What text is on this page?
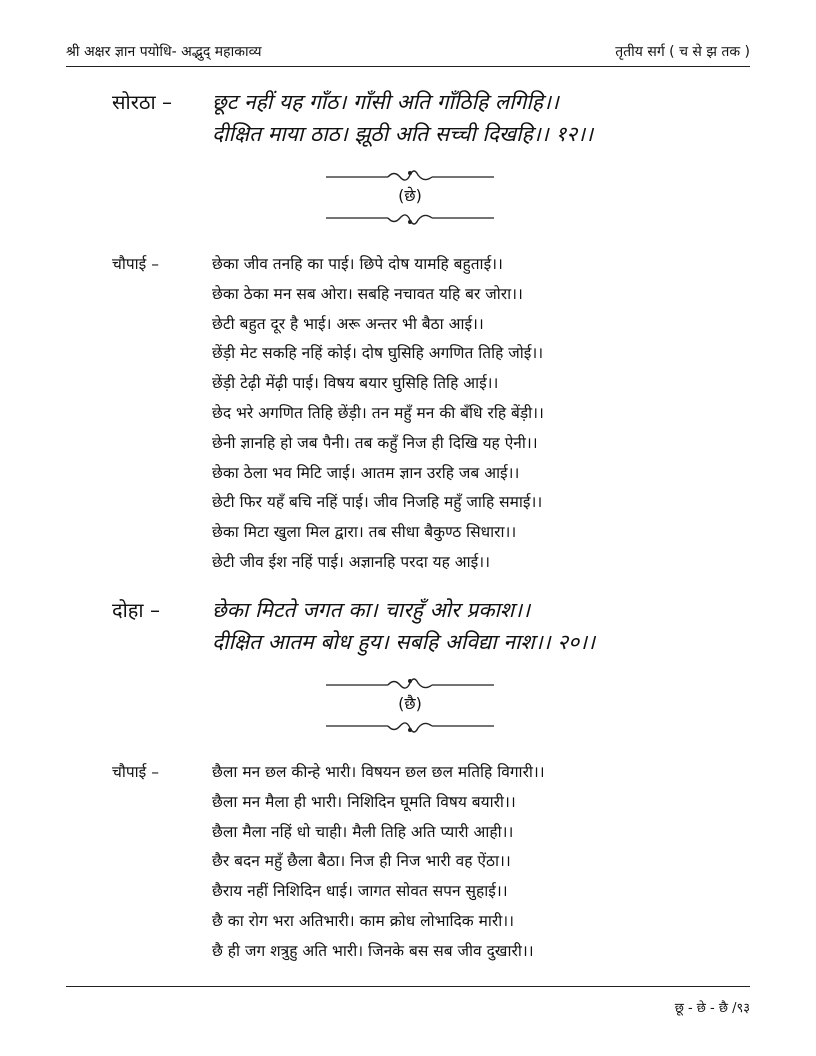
श्री अक्षर ज्ञान पयोधि- अद्भुद् महाकाव्य	तृतीय सर्ग ( च से झ तक )
सोरठा – छूट नहीं यह गाँठ। गाँसी अति गाँठिहि लगिहि।।
दीक्षित माया ठाठ। झूठी अति सच्ची दिखहि।। १२।।
(छे)
चौपाई –	छेका जीव तनहि का पाई। छिपे दोष यामहि बहुताई।।
छेका ठेका मन सब ओरा। सबहि नचावत यहि बर जोरा।।
छेटी बहुत दूर है भाई। अरू अन्तर भी बैठा आई।।
छेंड़ी मेट सकहि नहिं कोई। दोष घुसिहि अगणित तिहि जोई।।
छेंड़ी टेढ़ी मेंढ़ी पाई। विषय बयार घुसिहि तिहि आई।।
छेद भरे अगणित तिहि छेंड़ी। तन महुँ मन की बँधि रहि बेंड़ी।।
छेनी ज्ञानहि हो जब पैनी। तब कहुँ निज ही दिखि यह ऐनी।।
छेका ठेला भव मिटि जाई। आतम ज्ञान उरहि जब आई।।
छेटी फिर यहँ बचि नहिं पाई। जीव निजहि महुँ जाहि समाई।।
छेका मिटा खुला मिल द्वारा। तब सीधा बैकुण्ठ सिधारा।।
छेटी जीव ईश नहिं पाई। अज्ञानहि परदा यह आई।।
दोहा – छेका मिटते जगत का। चारहुँ ओर प्रकाश।।
दीक्षित आतम बोध हुय। सबहि अविद्या नाश।। २०।।
(छै)
चौपाई –	छैला मन छल कीन्हे भारी। विषयन छल छल मतिहि विगारी।।
छैला मन मैला ही भारी। निशिदिन घूमति विषय बयारी।।
छैला मैला नहिं धो चाही। मैली तिहि अति प्यारी आही।।
छैर बदन महुँ छैला बैठा। निज ही निज भारी वह ऐंठा।।
छैराय नहीं निशिदिन धाई। जागत सोवत सपन सुहाई।।
छै का रोग भरा अतिभारी। काम क्रोध लोभादिक मारी।।
छै ही जग शत्रुहु अति भारी। जिनके बस सब जीव दुखारी।।
छू - छे - छै /९३
